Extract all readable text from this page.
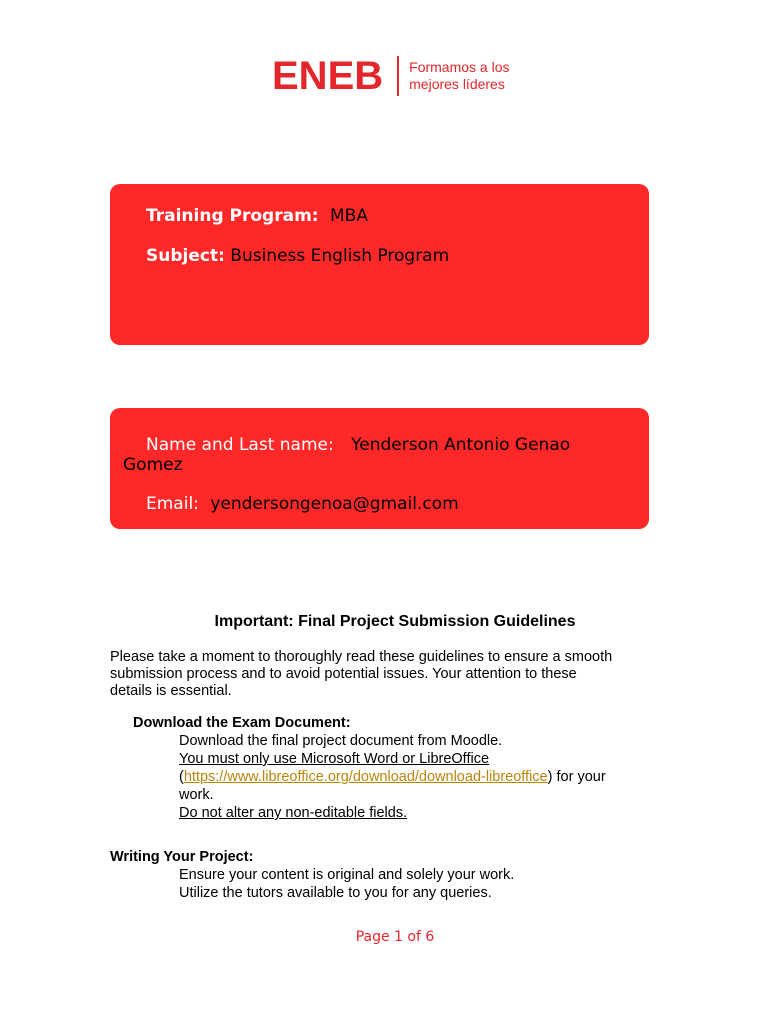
ENEB Formamos a los
mejores líderes
Training Program: MBA
Subject: Business English Program
Name and Last name: Yenderson Antonio Genao
Gomez
Email: yendersongenoa@gmail.com
Important: Final Project Submission Guidelines
Please take a moment to thoroughly read these guidelines to ensure a smooth
submission process and to avoid potential issues. Your attention to these
details is essential.
Download the Exam Document:
Download the final project document from Moodle.
You must only use Microsoft Word or LibreOffice
(https://www.libreoffice.org/download/download-libreoffice) for your
work.
Do not alter any non-editable fields.
Writing Your Project:
Ensure your content is original and solely your work.
Utilize the tutors available to you for any queries.
Page 1 of 6
